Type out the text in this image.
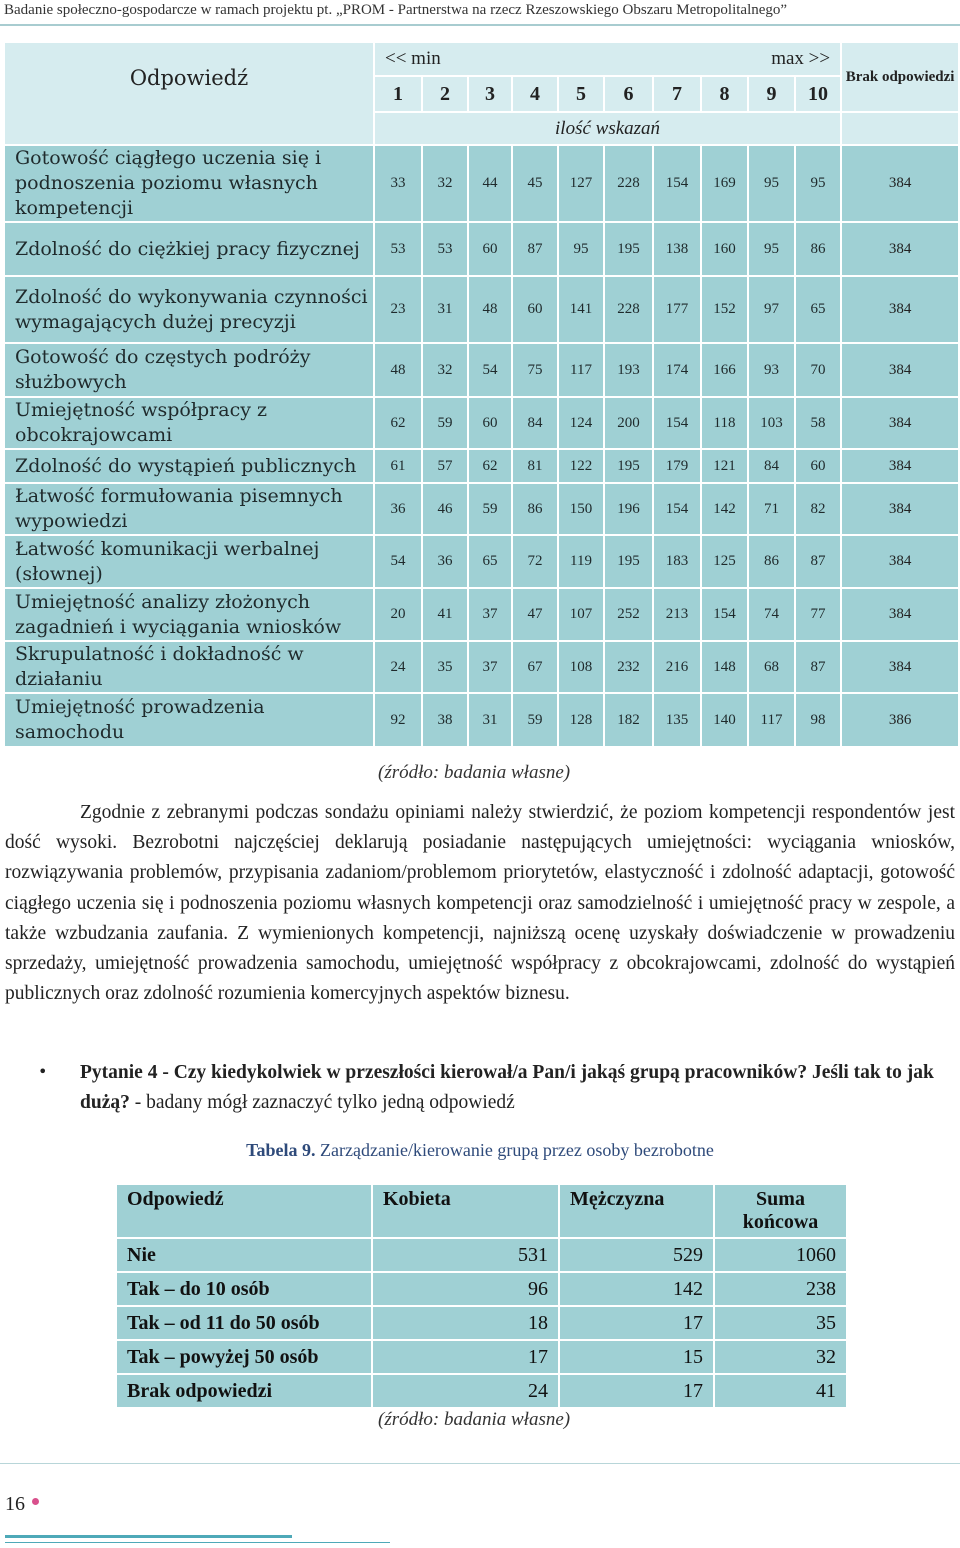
Badanie społeczno-gospodarcze w ramach projektu pt. „PROM - Partnerstwa na rzecz Rzeszowskiego Obszaru Metropolitalnego”
Odpowiedź	<< min max >>										Brak odpowiedzi
	1	2	3	4	5	6	7	8	9	10	
	ilość wskazań										
Gotowość ciągłego uczenia się i podnoszenia poziomu własnych kompetencji	33	32	44	45	127	228	154	169	95	95	384
Zdolność do ciężkiej pracy fizycznej	53	53	60	87	95	195	138	160	95	86	384
Zdolność do wykonywania czynności wymagających dużej precyzji	23	31	48	60	141	228	177	152	97	65	384
Gotowość do częstych podróży służbowych	48	32	54	75	117	193	174	166	93	70	384
Umiejętność współpracy z obcokrajowcami	62	59	60	84	124	200	154	118	103	58	384
Zdolność do wystąpień publicznych	61	57	62	81	122	195	179	121	84	60	384
Łatwość formułowania pisemnych wypowiedzi	36	46	59	86	150	196	154	142	71	82	384
Łatwość komunikacji werbalnej (słownej)	54	36	65	72	119	195	183	125	86	87	384
Umiejętność analizy złożonych zagadnień i wyciągania wniosków	20	41	37	47	107	252	213	154	74	77	384
Skrupulatność i dokładność w działaniu	24	35	37	67	108	232	216	148	68	87	384
Umiejętność prowadzenia samochodu	92	38	31	59	128	182	135	140	117	98	386
(źródło: badania własne)
Zgodnie z zebranymi podczas sondażu opiniami należy stwierdzić, że poziom kompetencji respondentów jest dość wysoki. Bezrobotni najczęściej deklarują posiadanie następujących umiejętności: wyciągania wniosków, rozwiązywania problemów, przypisania zadaniom/problemom priorytetów, elastyczność i zdolność adaptacji, gotowość ciągłego uczenia się i podnoszenia poziomu własnych kompetencji oraz samodzielność i umiejętność pracy w zespole, a także wzbudzania zaufania. Z wymienionych kompetencji, najniższą ocenę uzyskały doświadczenie w prowadzeniu sprzedaży, umiejętność prowadzenia samochodu, umiejętność współpracy z obcokrajowcami, zdolność do wystąpień publicznych oraz zdolność rozumienia komercyjnych aspektów biznesu.
• Pytanie 4 - Czy kiedykolwiek w przeszłości kierował/a Pan/i jakąś grupą pracowników? Jeśli tak to jak dużą? - badany mógł zaznaczyć tylko jedną odpowiedź
Tabela 9. Zarządzanie/kierowanie grupą przez osoby bezrobotne
Odpowiedź	Kobieta	Mężczyzna	Suma końcowa
Nie	531	529	1060
Tak – do 10 osób	96	142	238
Tak – od 11 do 50 osób	18	17	35
Tak – powyżej 50 osób	17	15	32
Brak odpowiedzi	24	17	41
(źródło: badania własne)
16
